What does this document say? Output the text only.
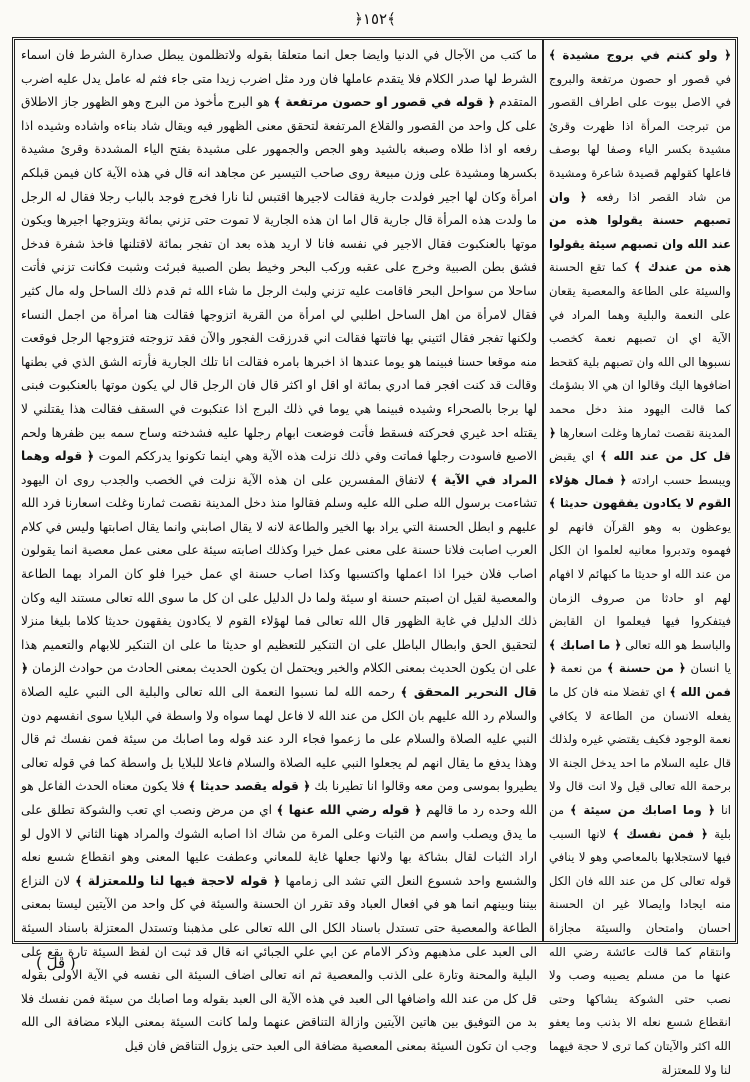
﴿١٥٢﴾

ما كتب من الآجال في الدنيا وايضا جعل انما متعلقا بقوله ولاتظلمون يبطل صدارة الشرط فان اسماء الشرط لها صدر الكلام فلا يتقدم عاملها فان ورد مثل اضرب زيدا متى جاء فثم له عامل يدل عليه اضرب المتقدم ﴿ قوله في قصور او حصون مرتفعة ﴾ هو البرج مأخوذ من البرج وهو الظهور جاز الاطلاق على كل واحد من القصور والقلاع المرتفعة لتحقق معنى الظهور فيه ويقال شاد بناءه واشاده وشيده اذا رفعه او اذا طلاه وصبغه بالشيد وهو الجص والجمهور على مشيدة بفتح الياء المشددة وقرئ مشيدة بكسرها ومشيدة على وزن مبيعة روى صاحب التيسير عن مجاهد انه قال في هذه الآية كان فيمن قبلكم امرأة وكان لها اجير فولدت جارية فقالت لاجيرها اقتبس لنا نارا فخرج فوجد بالباب رجلا فقال له الرجل ما ولدت هذه المرأة قال جارية قال اما ان هذه الجارية لا تموت حتى تزني بمائة ويتزوجها اجيرها ويكون موتها بالعنكبوت فقال الاجير في نفسه فانا لا اريد هذه بعد ان تفجر بمائة لاقتلنها فاخذ شفرة فدخل فشق بطن الصبية وخرج على عقبه وركب البحر وخيط بطن الصبية فبرئت وشبت فكانت تزني فأتت ساحلا من سواحل البحر فاقامت عليه تزني ولبث الرجل ما شاء الله ثم قدم ذلك الساحل وله مال كثير فقال لامرأة من اهل الساحل اطلبي لي امرأة من القرية اتزوجها فقالت هنا امرأة من اجمل النساء ولكنها تفجر فقال ائتيني بها فاتتها فقالت اني قدرزقت الفجور والآن فقد تزوجته فتزوجها الرجل فوقعت منه موقعا حسنا فبينما هو يوما عندها اذ اخبرها بامره فقالت انا تلك الجارية فأرته الشق الذي في بطنها وقالت قد كنت افجر فما ادري بمائة او اقل او اكثر قال فان الرجل قال لي يكون موتها بالعنكبوت فبنى لها برجا بالصحراء وشيده فبينما هي يوما في ذلك البرج اذا عنكبوت في السقف فقالت هذا يقتلني لا يقتله احد غيري فحركته فسقط فأتت فوضعت ابهام رجلها عليه فشدخته وساح سمه بين ظفرها ولحم الاصبع فاسودت رجلها فماتت وفي ذلك نزلت هذه الآية وهي اينما تكونوا يدرككم الموت ﴿ قوله وهما المراد في الآية ﴾ لاتفاق المفسرين على ان هذه الآية نزلت في الخصب والجدب روى ان اليهود تشاءمت برسول الله صلى الله عليه وسلم فقالوا منذ دخل المدينة نقصت ثمارنا وغلت اسعارنا فرد الله عليهم و ابطل الحسنة التي يراد بها الخير والطاعة لانه لا يقال اصابني وانما يقال اصابتها وليس في كلام العرب اصابت فلانا حسنة على معنى عمل خيرا وكذلك اصابته سيئة على معنى عمل معصية انما يقولون اصاب فلان خيرا اذا اعملها واكتسبها وكذا اصاب حسنة اي عمل خيرا فلو كان المراد بهما الطاعة والمعصية لقيل ان اصبتم حسنة او سيئة ولما دل الدليل على ان كل ما سوى الله تعالى مستند اليه وكان ذلك الدليل في غاية الظهور قال الله تعالى فما لهؤلاء القوم لا يكادون يفقهون حديثا كلاما بليغا منزلا لتحقيق الحق وابطال الباطل على ان التنكير للتعظيم او حديثا ما على ان التنكير للابهام والتعميم هذا على ان يكون الحديث بمعنى الكلام والخبر ويحتمل ان يكون الحديث بمعنى الحادث من حوادث الزمان ﴿ قال النحرير المحقق ﴾ رحمه الله لما نسبوا النعمة الى الله تعالى والبلية الى النبي عليه الصلاة والسلام رد الله عليهم بان الكل من عند الله لا فاعل لهما سواه ولا واسطة في البلايا سوى انفسهم دون النبي عليه الصلاة والسلام على ما زعموا فجاء الرد عند قوله وما اصابك من سيئة فمن نفسك ثم قال وهذا يدفع ما يقال انهم لم يجعلوا النبي عليه الصلاة والسلام فاعلا للبلايا بل واسطة كما في قوله تعالى يطيروا بموسى ومن معه وقالوا انا تطيرنا بك ﴿ قوله يقصد حديثا ﴾ فلا يكون معناه الحدث الفاعل هو الله وحده رد ما قالهم ﴿ قوله رضي الله عنها ﴾ اي من مرض ونصب اي تعب والشوكة تطلق على ما يدق ويصلب واسم من الثبات وعلى المرة من شاك اذا اصابه الشوك والمراد ههنا الثاني لا الاول لو اراد الثبات لقال بشاكة بها ولانها جعلها غاية للمعاني وعطفت عليها المعنى وهو انقطاع شسع نعله والشسع واحد شسوع النعل التي تشد الى زمامها ﴿ قوله لاحجة فيها لنا وللمعتزلة ﴾ لان النزاع بيننا وبينهم انما هو في افعال العباد وقد تقرر ان الحسنة والسيئة في كل واحد من الآيتين ليستا بمعنى الطاعة والمعصية حتى تستدل باسناد الكل الى الله تعالى على مذهبنا وتستدل المعتزلة باسناد السيئة الى العبد على مذهبهم وذكر الامام عن ابي علي الجبائي انه قال قد ثبت ان لفظ السيئة تارة يقع على البلية والمحنة وتارة على الذنب والمعصية ثم انه تعالى اضاف السيئة الى نفسه في الآية الاولى بقوله قل كل من عند الله واضافها الى العبد في هذه الآية الى العبد بقوله وما اصابك من سيئة فمن نفسك فلا بد من التوفيق بين هاتين الآيتين وازالة التناقض عنهما ولما كانت السيئة بمعنى البلاء مضافة الى الله وجب ان تكون السيئة بمعنى المعصية مضافة الى العبد حتى يزول التناقض فان قيل

﴿ ولو كنتم في بروج مشيدة ﴾ في قصور او حصون مرتفعة والبروج في الاصل بيوت على اطراف القصور من تبرجت المرأة اذا ظهرت وقرئ مشيدة بكسر الياء وصفا لها بوصف فاعلها كقولهم قصيدة شاعرة ومشيدة من شاد القصر اذا رفعه ﴿ وان تصبهم حسنة يقولوا هذه من عند الله وان تصبهم سيئة يقولوا هذه من عندك ﴾ كما تقع الحسنة والسيئة على الطاعة والمعصية يقعان على النعمة والبلية وهما المراد في الآية اي ان تصبهم نعمة كخصب نسبوها الى الله وان تصبهم بلية كقحط اضافوها اليك وقالوا ان هي الا بشؤمك كما قالت اليهود منذ دخل محمد المدينة نقصت ثمارها وغلت اسعارها ﴿ قل كل من عند الله ﴾ اي يقبض ويبسط حسب ارادته ﴿ فمال هؤلاء القوم لا يكادون يفقهون حديثا ﴾ يوعظون به وهو القرآن فانهم لو فهموه وتدبروا معانيه لعلموا ان الكل من عند الله او حديثا ما كبهائم لا افهام لهم او حادثا من صروف الزمان فيتفكروا فيها فيعلموا ان القابض والباسط هو الله تعالى ﴿ ما اصابك ﴾ يا انسان ﴿ من حسنة ﴾ من نعمة ﴿ فمن الله ﴾ اي تفضلا منه فان كل ما يفعله الانسان من الطاعة لا يكافي نعمة الوجود فكيف يقتضي غيره ولذلك قال عليه السلام ما احد يدخل الجنة الا برحمة الله تعالى قيل ولا انت قال ولا انا ﴿ وما اصابك من سيئة ﴾ من بلية ﴿ فمن نفسك ﴾ لانها السبب فيها لاستجلابها بالمعاصي وهو لا ينافي قوله تعالى كل من عند الله فان الكل منه ايجادا وايصالا غير ان الحسنة احسان وامتحان والسيئة مجازاة وانتقام كما قالت عائشة رضي الله عنها ما من مسلم يصيبه وصب ولا نصب حتى الشوكة يشاكها وحتى انقطاع شسع نعله الا بذنب وما يعفو الله اكثر والآيتان كما ترى لا حجة فيهما لنا ولا للمعتزلة

( قل )
